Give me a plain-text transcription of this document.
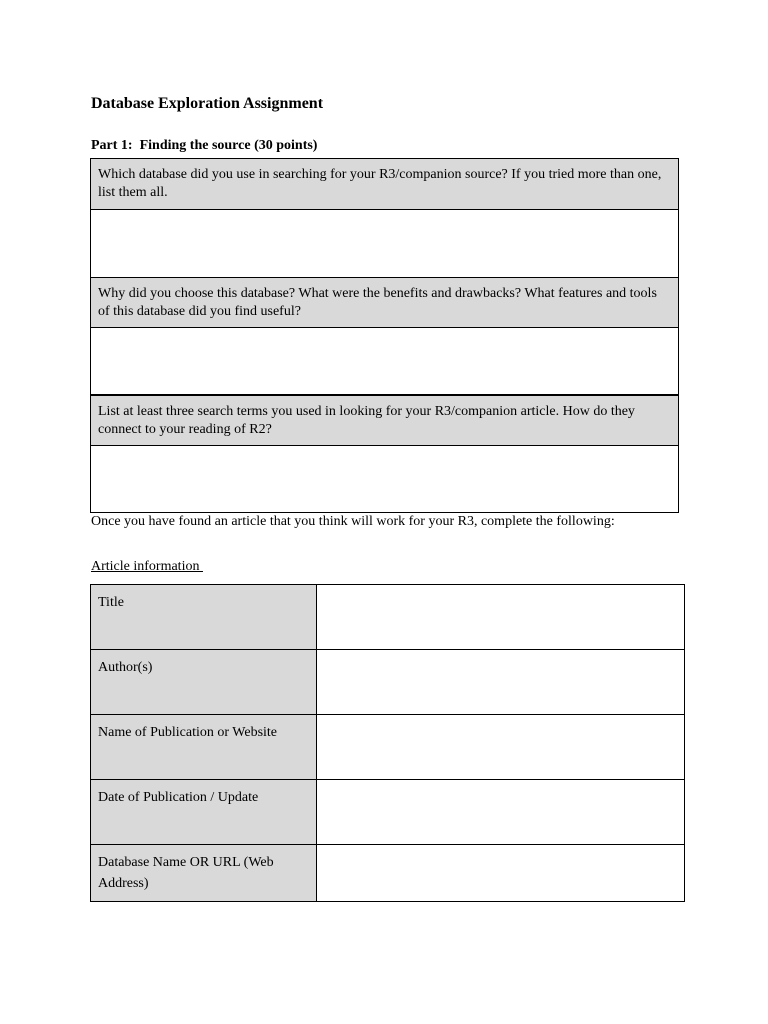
Database Exploration Assignment
Part 1:  Finding the source (30 points)
Which database did you use in searching for your R3/companion source? If you tried more than one, list them all.
Why did you choose this database? What were the benefits and drawbacks? What features and tools of this database did you find useful?
List at least three search terms you used in looking for your R3/companion article. How do they connect to your reading of R2?
Once you have found an article that you think will work for your R3, complete the following:
Article information
Title
Author(s)
Name of Publication or Website
Date of Publication / Update
Database Name OR URL (Web Address)
